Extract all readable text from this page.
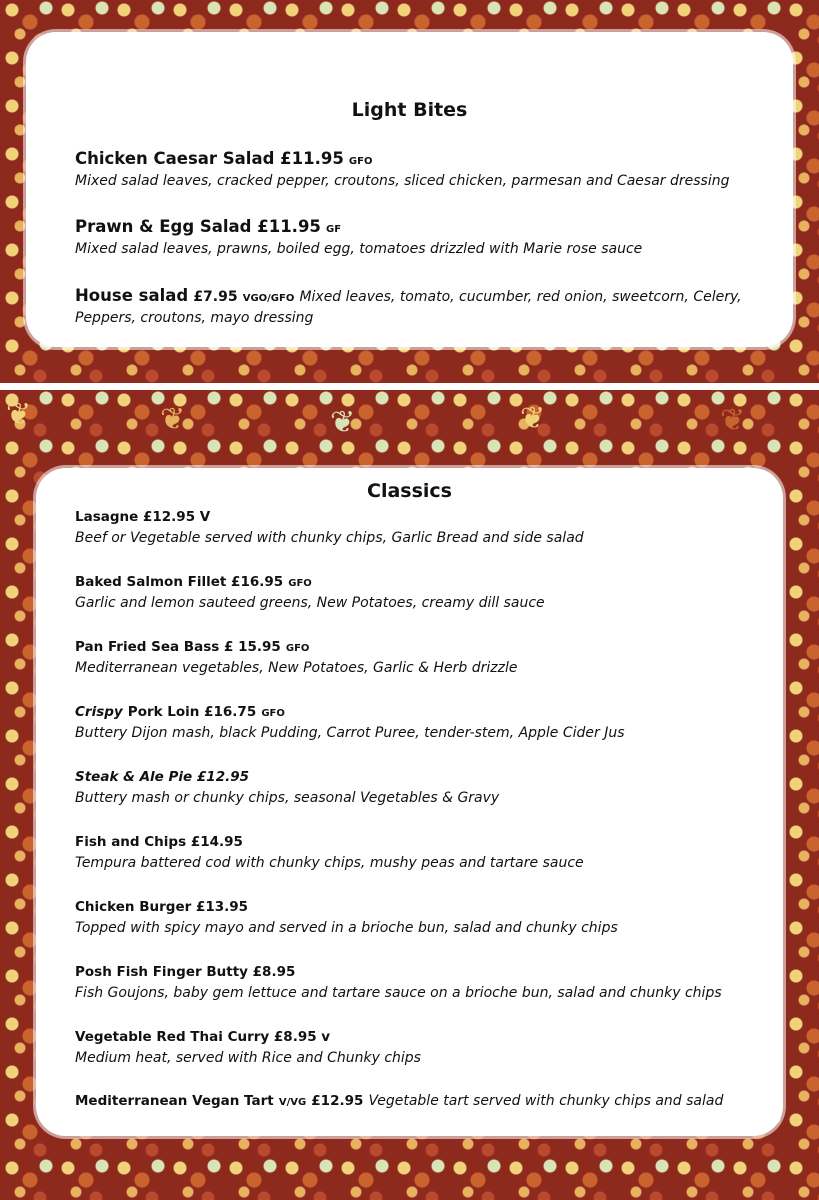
❦	❦	❦	❦	❦
Light Bites
Chicken Caesar Salad £11.95 GFO
Mixed salad leaves, cracked pepper, croutons, sliced chicken, parmesan and Caesar dressing
Prawn & Egg Salad £11.95 GF
Mixed salad leaves, prawns, boiled egg, tomatoes drizzled with Marie rose sauce
House salad £7.95 VGO/GFO Mixed leaves, tomato, cucumber, red onion, sweetcorn, Celery,
Peppers, croutons, mayo dressing
Classics
Lasagne £12.95 V
Beef or Vegetable served with chunky chips, Garlic Bread and side salad
Baked Salmon Fillet £16.95 GFO
Garlic and lemon sauteed greens, New Potatoes, creamy dill sauce
Pan Fried Sea Bass £ 15.95 GFO
Mediterranean vegetables, New Potatoes, Garlic & Herb drizzle
Crispy Pork Loin £16.75 GFO
Buttery Dijon mash, black Pudding, Carrot Puree, tender-stem, Apple Cider Jus
Steak & Ale Pie £12.95
Buttery mash or chunky chips, seasonal Vegetables & Gravy
Fish and Chips £14.95
Tempura battered cod with chunky chips, mushy peas and tartare sauce
Chicken Burger £13.95
Topped with spicy mayo and served in a brioche bun, salad and chunky chips
Posh Fish Finger Butty £8.95
Fish Goujons, baby gem lettuce and tartare sauce on a brioche bun, salad and chunky chips
Vegetable Red Thai Curry £8.95 v
Medium heat, served with Rice and Chunky chips
Mediterranean Vegan Tart V/VG £12.95 Vegetable tart served with chunky chips and salad
